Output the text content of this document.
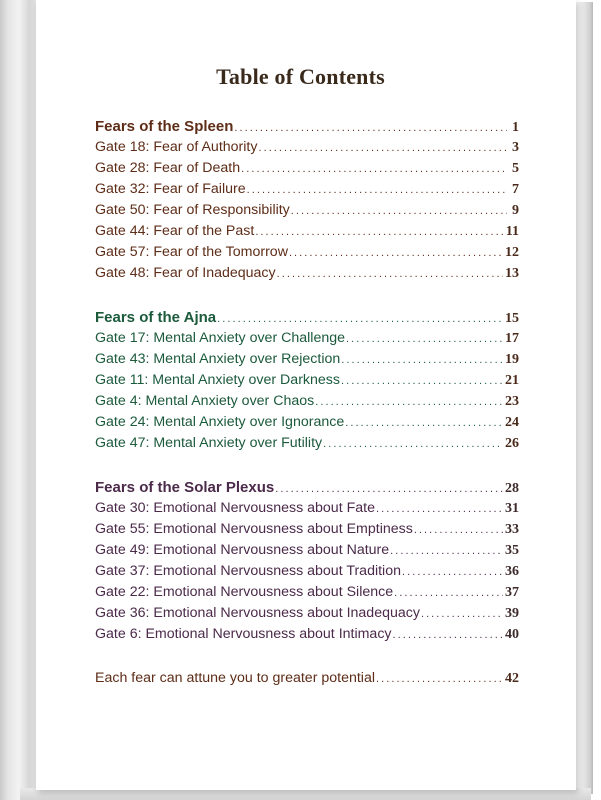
Table of Contents
Fears of the Spleen . . .	1
Gate 18: Fear of Authority . . .	3
Gate 28: Fear of Death . . .	5
Gate 32: Fear of Failure . . .	7
Gate 50: Fear of Responsibility . . .	9
Gate 44: Fear of the Past . . .	11
Gate 57: Fear of the Tomorrow . . .	12
Gate 48: Fear of Inadequacy . . .	13
Fears of the Ajna . . .	15
Gate 17: Mental Anxiety over Challenge . . .	17
Gate 43: Mental Anxiety over Rejection . . .	19
Gate 11: Mental Anxiety over Darkness . . .	21
Gate 4: Mental Anxiety over Chaos . . .	23
Gate 24: Mental Anxiety over Ignorance . . .	24
Gate 47: Mental Anxiety over Futility . . .	26
Fears of the Solar Plexus . . .	28
Gate 30: Emotional Nervousness about Fate . . .	31
Gate 55: Emotional Nervousness about Emptiness . . .	33
Gate 49: Emotional Nervousness about Nature . . .	35
Gate 37: Emotional Nervousness about Tradition . . .	36
Gate 22: Emotional Nervousness about Silence . . .	37
Gate 36: Emotional Nervousness about Inadequacy . . .	39
Gate 6: Emotional Nervousness about Intimacy . . .	40
Each fear can attune you to greater potential . . .	42
